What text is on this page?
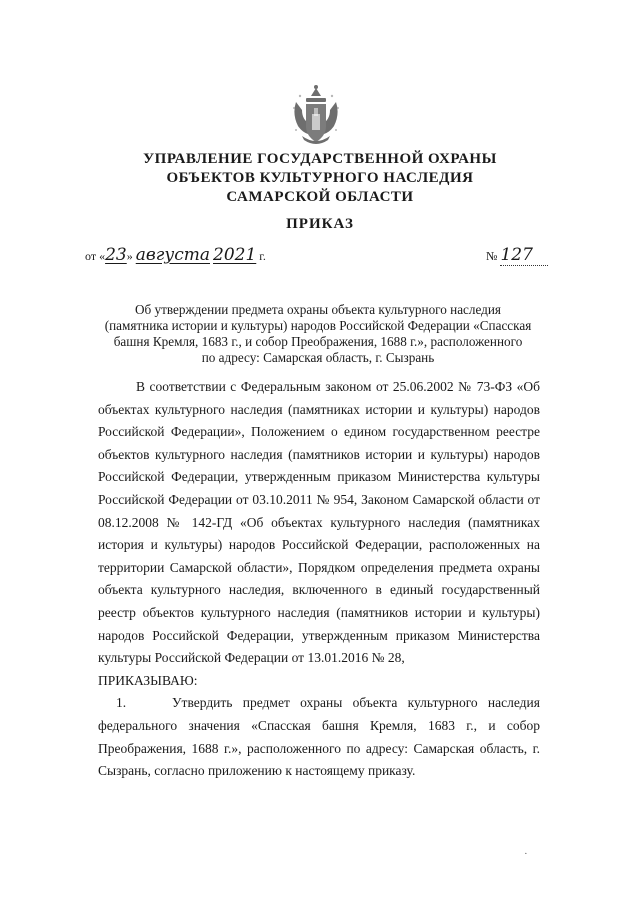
УПРАВЛЕНИЕ ГОСУДАРСТВЕННОЙ ОХРАНЫ
ОБЪЕКТОВ КУЛЬТУРНОГО НАСЛЕДИЯ
САМАРСКОЙ ОБЛАСТИ
ПРИКАЗ
от «23» августа 2021 г.	№ 127
Об утверждении предмета охраны объекта культурного наследия
(памятника истории и культуры) народов Российской Федерации «Спасская
башня Кремля, 1683 г., и собор Преображения, 1688 г.», расположенного
по адресу: Самарская область, г. Сызрань

В соответствии с Федеральным законом от 25.06.2002 № 73-ФЗ «Об объектах культурного наследия (памятниках истории и культуры) народов Российской Федерации», Положением о едином государственном реестре объектов культурного наследия (памятников истории и культуры) народов Российской Федерации, утвержденным приказом Министерства культуры Российской Федерации от 03.10.2011 № 954, Законом Самарской области от 08.12.2008 № 142-ГД «Об объектах культурного наследия (памятниках история и культуры) народов Российской Федерации, расположенных на территории Самарской области», Порядком определения предмета охраны объекта культурного наследия, включенного в единый государственный реестр объектов культурного наследия (памятников истории и культуры) народов Российской Федерации, утвержденным приказом Министерства культуры Российской Федерации от 13.01.2016 № 28,

ПРИКАЗЫВАЮ:

1.	Утвердить предмет охраны объекта культурного наследия федерального значения «Спасская башня Кремля, 1683 г., и собор Преображения, 1688 г.», расположенного по адресу: Самарская область, г. Сызрань, согласно приложению к настоящему приказу.

·
